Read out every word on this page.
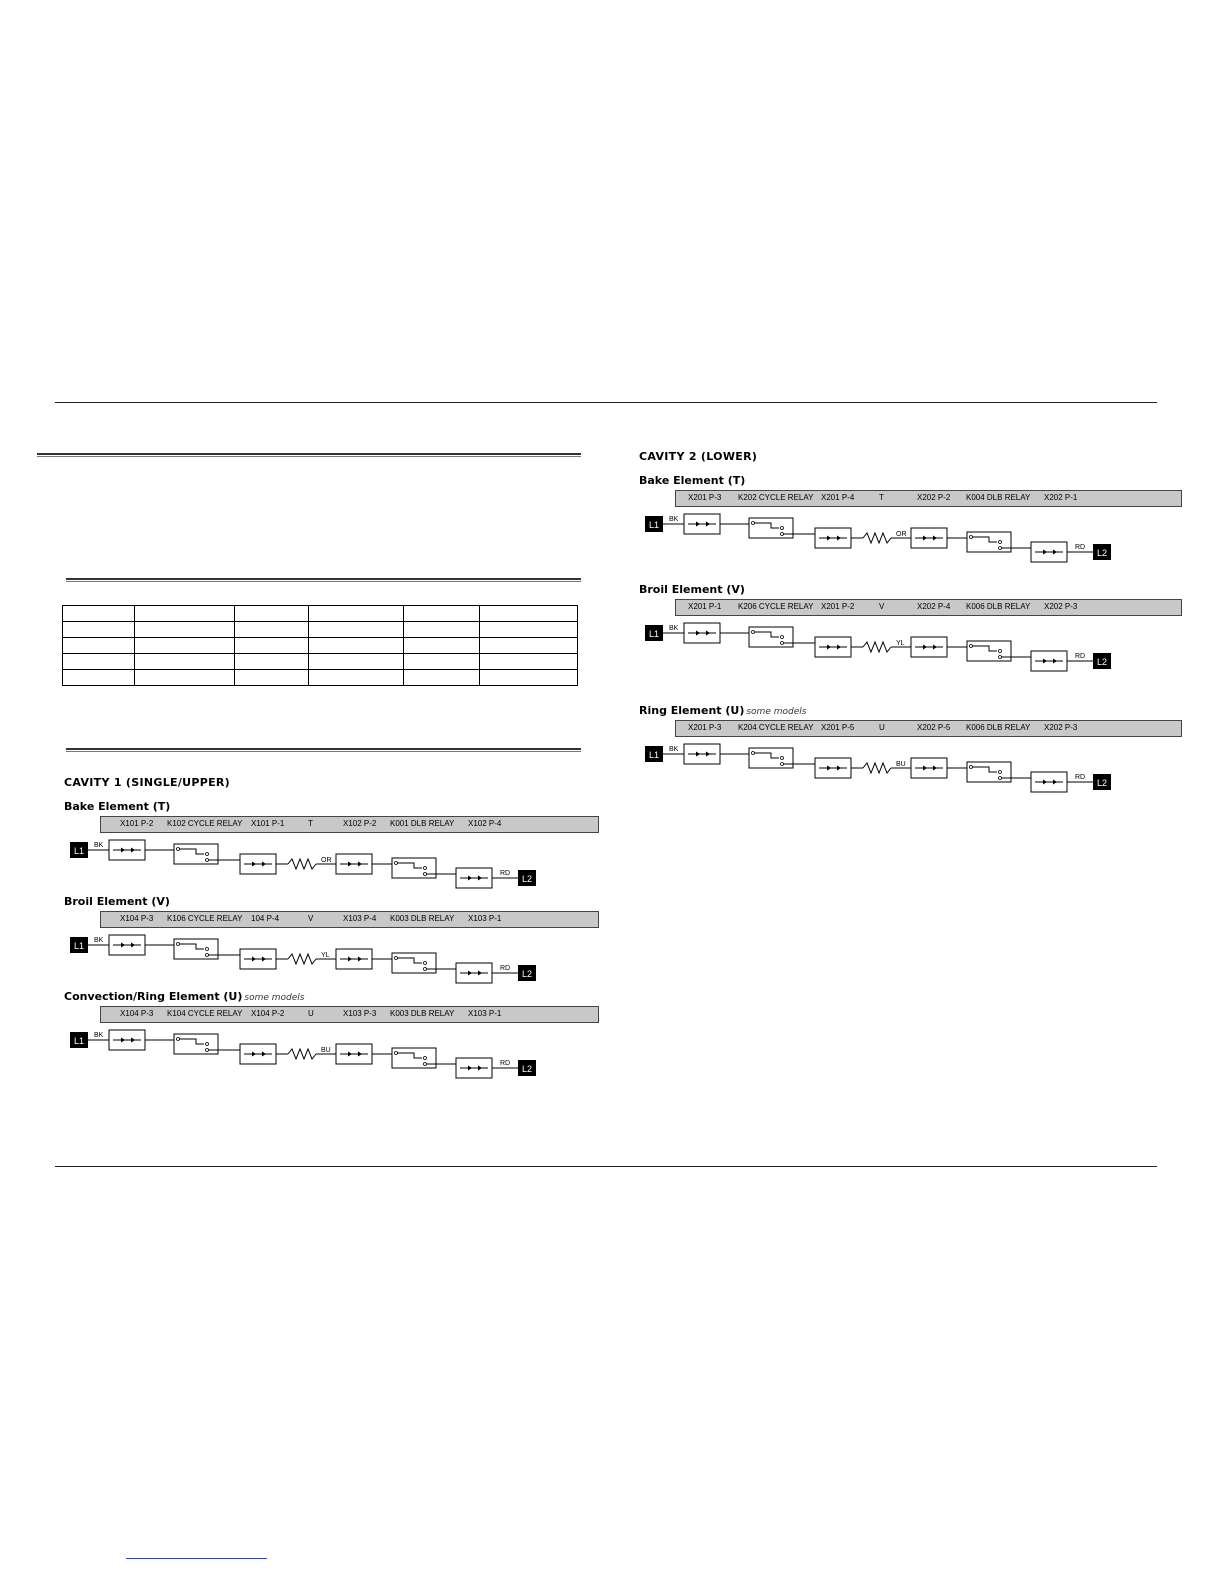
CAVITY 1 (SINGLE/UPPER)
Bake Element (T)
X101 P-2 K102 CYCLE RELAY X101 P-1	T	X102 P-2 K001 DLB RELAY X102 P-4
L1
BK
OR
RD
L2
Broil Element (V)
X104 P-3 K106 CYCLE RELAY 104 P-4	V	X103 P-4 K003 DLB RELAY X103 P-1
L1
BK
YL
RD
L2
Convection/Ring Element (U) some models
X104 P-3 K104 CYCLE RELAY X104 P-2	U	X103 P-3 K003 DLB RELAY X103 P-1
L1
BK
BU
RD
L2
CAVITY 2 (LOWER)
Bake Element (T)
X201 P-3 K202 CYCLE RELAY X201 P-4	T	X202 P-2 K004 DLB RELAY X202 P-1
L1
BK
OR
RD
L2
Broil Element (V)
X201 P-1 K206 CYCLE RELAY X201 P-2	V	X202 P-4 K006 DLB RELAY X202 P-3
L1
BK
YL
RD
L2
Ring Element (U) some models
X201 P-3 K204 CYCLE RELAY X201 P-5	U	X202 P-5 K006 DLB RELAY X202 P-3
L1
BK
BU
RD
L2
